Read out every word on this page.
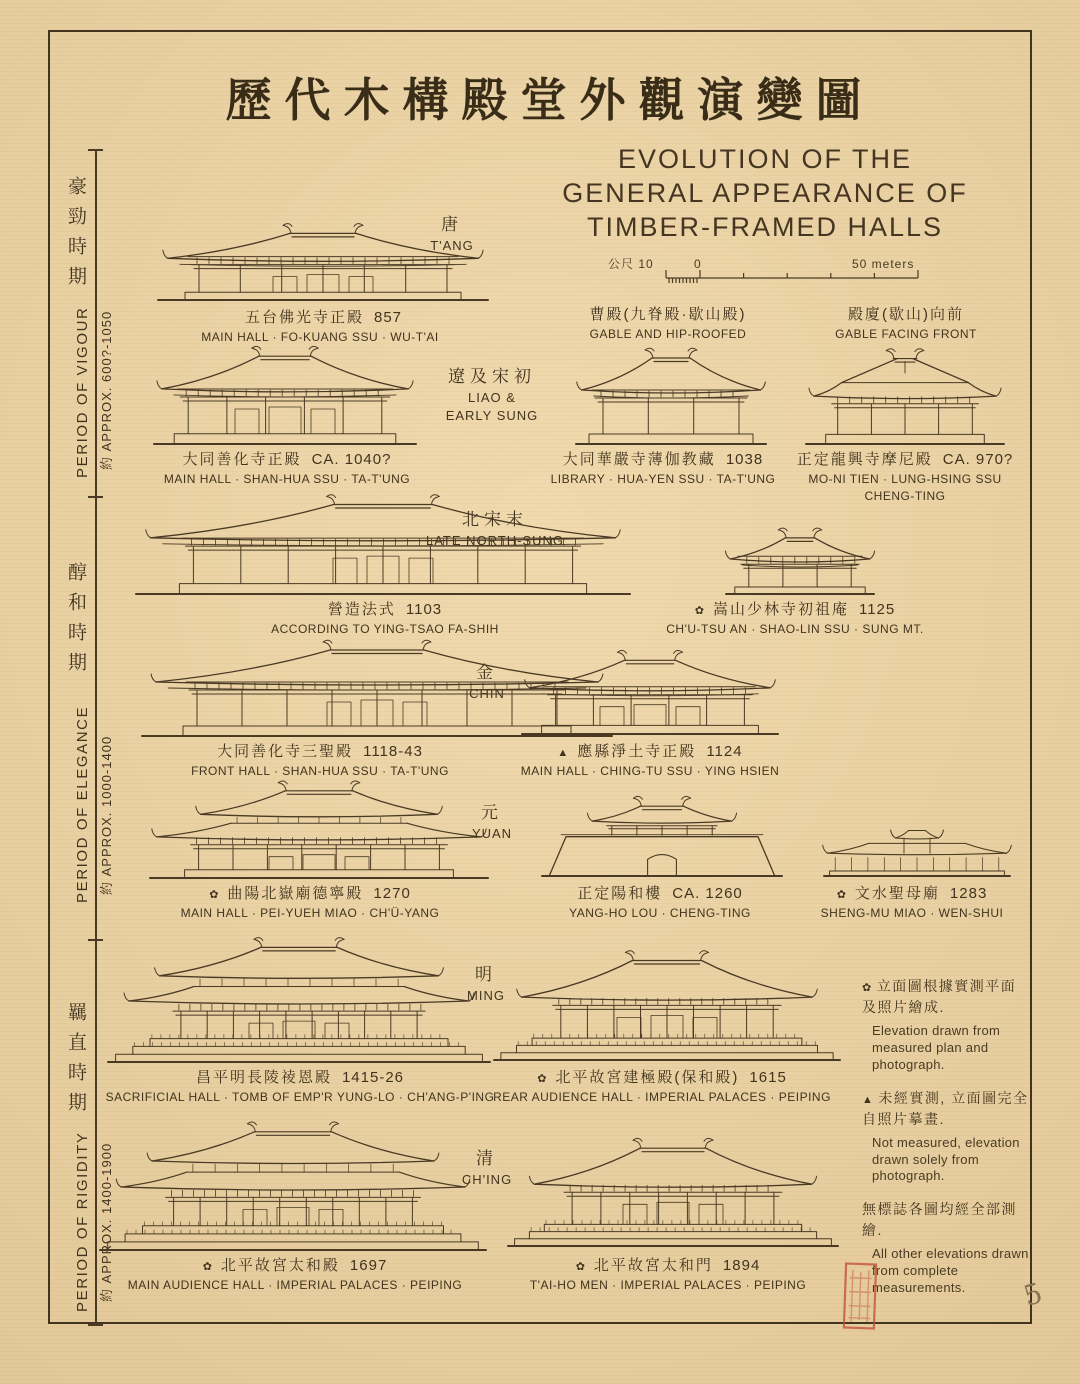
歷代木構殿堂外觀演變圖
EVOLUTION OF THE
GENERAL APPEARANCE OF
TIMBER-FRAMED HALLS
公尺 10	0	50 meters
豪勁時期
PERIOD OF VIGOUR 約 APPROX. 600?-1050
醇和時期
PERIOD OF ELEGANCE 約 APPROX. 1000-1400
羈直時期
PERIOD OF RIGIDITY 約 APPROX. 1400-1900
唐
T'ANG
遼及宋初
LIAO &
EARLY SUNG
北宋末
LATE NORTH-SUNG
金
CHIN
元
YUAN
明
MING
清
CH'ING
曹殿(九脊殿·歇山殿)
GABLE AND HIP-ROOFED
殿廈(歇山)向前
GABLE FACING FRONT
五台佛光寺正殿 857
MAIN HALL · FO-KUANG SSU · WU-T'AI
大同善化寺正殿 CA. 1040?
MAIN HALL · SHAN-HUA SSU · TA-T'UNG
大同華嚴寺薄伽教藏 1038
LIBRARY · HUA-YEN SSU · TA-T'UNG
正定龍興寺摩尼殿 CA. 970?
MO-NI TIEN · LUNG-HSING SSU
CHENG-TING
營造法式 1103
ACCORDING TO YING-TSAO FA-SHIH
✿ 嵩山少林寺初祖庵 1125
CH'U-TSU AN · SHAO-LIN SSU · SUNG MT.
大同善化寺三聖殿 1118-43
FRONT HALL · SHAN-HUA SSU · TA-T'UNG
▲ 應縣淨土寺正殿 1124
MAIN HALL · CHING-TU SSU · YING HSIEN
✿ 曲陽北嶽廟德寧殿 1270
MAIN HALL · PEI-YUEH MIAO · CH'Ü-YANG
正定陽和樓 CA. 1260
YANG-HO LOU · CHENG-TING
✿ 文水聖母廟 1283
SHENG-MU MIAO · WEN-SHUI
昌平明長陵祾恩殿 1415-26
SACRIFICIAL HALL · TOMB OF EMP'R YUNG-LO · CH'ANG-P'ING
✿ 北平故宮建極殿(保和殿) 1615
REAR AUDIENCE HALL · IMPERIAL PALACES · PEIPING
✿ 北平故宮太和殿 1697
MAIN AUDIENCE HALL · IMPERIAL PALACES · PEIPING
✿ 北平故宮太和門 1894
T'AI-HO MEN · IMPERIAL PALACES · PEIPING
✿ 立面圖根據實測平面及照片繪成.
Elevation drawn from measured plan and photograph.
▲ 未經實測, 立面圖完全自照片摹畫.
Not measured, elevation drawn solely from photograph.
無標誌各圖均經全部測繪.
All other elevations drawn from complete measurements.	5
